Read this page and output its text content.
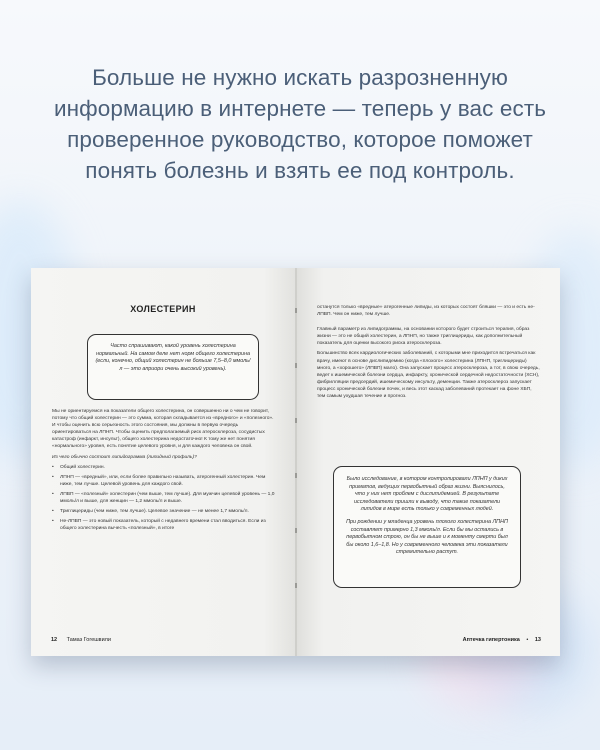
Больше не нужно искать разрозненную
информацию в интернете — теперь у вас есть
проверенное руководство, которое поможет
понять болезнь и взять ее под контроль.
ХОЛЕСТЕРИН
Часто спрашивают, какой уровень холестерина нормальный. На самом деле нет норм общего холестерина (если, конечно, общий холестерин не больше 7,5–8,0 ммоль/л — это априори очень высокий уровень).

Мы не ориентируемся на показатели общего холестерина, он совершенно ни о чем не говорит, потому что общий холестерин — это сумма, которая складывается из «вредного» и «полезного». И чтобы оценить всю серьезность этого состояния, мы должны в первую очередь ориентироваться на ЛПНП. Чтобы оценить предполагаемый риск атеросклероза, сосудистых катастроф (инфаркт, инсульт), общего холестерина недостаточно! К тому же нет понятия «нормального» уровня, есть понятие целевого уровня, и для каждого человека он свой.

Из чего обычно состоит липидограмма (липидный профиль)?

• Общий холестерин.
• ЛПНП — «вредный», или, если более правильно называть, атерогенный холестерин. Чем ниже, тем лучше. Целевой уровень для каждого свой.
• ЛПВП — «полезный» холестерин (чем выше, тем лучше). Для мужчин целевой уровень — 1,0 ммоль/л и выше, для женщин — 1,2 ммоль/л и выше.
• Триглицериды (чем ниже, тем лучше). Целевое значение — не менее 1,7 ммоль/л.
• Не-ЛПВП — это новый показатель, который с недавнего времени стал вводиться. Если из общего холестерина вычесть «полезный», в итоге
12 Тамаз Гогешвили

останутся только «вредные» атерогенные липиды, из которых состоят бляшки — это и есть не-ЛПВП. Чем он ниже, тем лучше.

Главный параметр из липидограммы, на основании которого будет строиться терапия, образ жизни — это не общий холестерин, а ЛПНП, но также триглицериды, как дополнительный показатель для оценки высокого риска атеросклероза.

Большинство всех кардиологических заболеваний, с которыми мне приходится встречаться как врачу, имеют в основе дислипидемию (когда «плохого» холестерина (ЛПНП, триглицериды) много, а «хорошего» (ЛПВП) мало). Она запускает процесс атеросклероза, а тот, в свою очередь, ведет к ишемической болезни сердца, инфаркту, хронической сердечной недостаточности (ХСН), фибрилляции предсердий, ишемическому инсульту, деменции. Также атеросклероз запускает процесс хронической болезни почек, и весь этот каскад заболеваний протекает на фоне ХБП, тем самым ухудшая течение и прогноз.

Было исследование, в котором контролировали ЛПНП у диких приматов, ведущих первобытный образ жизни. Выяснилось, что у них нет проблем с дислипидемией. В результате исследователи пришли к выводу, что такие показатели липидов в мире есть только у современных людей.
При рождении у младенца уровень плохого холестерина ЛПНП составляет примерно 1,3 ммоль/л. Если бы мы остались в первобытном строю, он бы не выше и к моменту смерти был бы около 1,6–1,8. Но у современного человека эти показатели стремительно растут.
Аптечка гипертоника • 13
